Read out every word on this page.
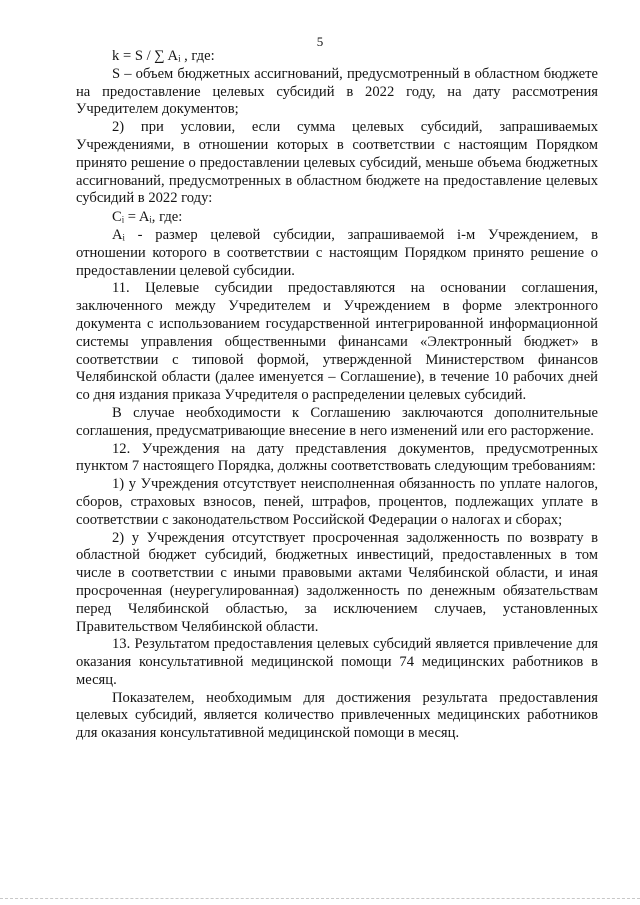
5

k = S / ∑ Aᵢ , где:

S – объем бюджетных ассигнований, предусмотренный в областном бюджете на предоставление целевых субсидий в 2022 году, на дату рассмотрения Учредителем документов;

2) при условии, если сумма целевых субсидий, запрашиваемых Учреждениями, в отношении которых в соответствии с настоящим Порядком принято решение о предоставлении целевых субсидий, меньше объема бюджетных ассигнований, предусмотренных в областном бюджете на предоставление целевых субсидий в 2022 году:

Cᵢ = Aᵢ, где:

Aᵢ - размер целевой субсидии, запрашиваемой i-м Учреждением, в отношении которого в соответствии с настоящим Порядком принято решение о предоставлении целевой субсидии.

11. Целевые субсидии предоставляются на основании соглашения, заключенного между Учредителем и Учреждением в форме электронного документа с использованием государственной интегрированной информационной системы управления общественными финансами «Электронный бюджет» в соответствии с типовой формой, утвержденной Министерством финансов Челябинской области (далее именуется – Соглашение), в течение 10 рабочих дней со дня издания приказа Учредителя о распределении целевых субсидий.

В случае необходимости к Соглашению заключаются дополнительные соглашения, предусматривающие внесение в него изменений или его расторжение.

12. Учреждения на дату представления документов, предусмотренных пунктом 7 настоящего Порядка, должны соответствовать следующим требованиям:

1) у Учреждения отсутствует неисполненная обязанность по уплате налогов, сборов, страховых взносов, пеней, штрафов, процентов, подлежащих уплате в соответствии с законодательством Российской Федерации о налогах и сборах;

2) у Учреждения отсутствует просроченная задолженность по возврату в областной бюджет субсидий, бюджетных инвестиций, предоставленных в том числе в соответствии с иными правовыми актами Челябинской области, и иная просроченная (неурегулированная) задолженность по денежным обязательствам перед Челябинской областью, за исключением случаев, установленных Правительством Челябинской области.

13. Результатом предоставления целевых субсидий является привлечение для оказания консультативной медицинской помощи 74 медицинских работников в месяц.

Показателем, необходимым для достижения результата предоставления целевых субсидий, является количество привлеченных медицинских работников для оказания консультативной медицинской помощи в месяц.
